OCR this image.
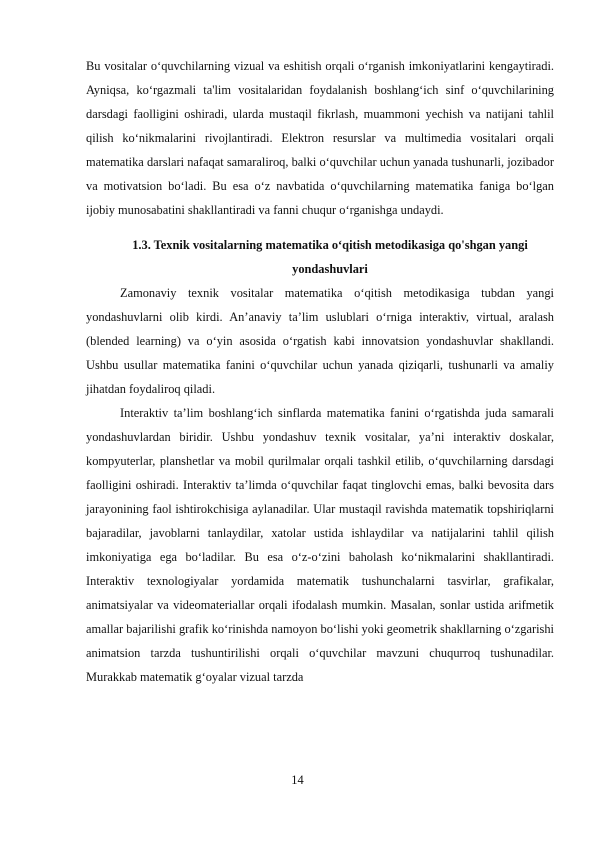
Bu vositalar o‘quvchilarning vizual va eshitish orqali o‘rganish imkoniyatlarini kengaytiradi. Ayniqsa, ko‘rgazmali ta'lim vositalaridan foydalanish boshlang‘ich sinf o‘quvchilarining darsdagi faolligini oshiradi, ularda mustaqil fikrlash, muammoni yechish va natijani tahlil qilish ko‘nikmalarini rivojlantiradi. Elektron resurslar va multimedia vositalari orqali matematika darslari nafaqat samaraliroq, balki o‘quvchilar uchun yanada tushunarli, jozibador va motivatsion bo‘ladi. Bu esa o‘z navbatida o‘quvchilarning matematika faniga bo‘lgan ijobiy munosabatini shakllantiradi va fanni chuqur o‘rganishga undaydi.

1.3. Texnik vositalarning matematika o‘qitish metodikasiga qo'shgan yangi yondashuvlari

Zamonaviy texnik vositalar matematika o‘qitish metodikasiga tubdan yangi yondashuvlarni olib kirdi. An’anaviy ta’lim uslublari o‘rniga interaktiv, virtual, aralash (blended learning) va o‘yin asosida o‘rgatish kabi innovatsion yondashuvlar shakllandi. Ushbu usullar matematika fanini o‘quvchilar uchun yanada qiziqarli, tushunarli va amaliy jihatdan foydaliroq qiladi.

Interaktiv ta’lim boshlang‘ich sinflarda matematika fanini o‘rgatishda juda samarali yondashuvlardan biridir. Ushbu yondashuv texnik vositalar, ya’ni interaktiv doskalar, kompyuterlar, planshetlar va mobil qurilmalar orqali tashkil etilib, o‘quvchilarning darsdagi faolligini oshiradi. Interaktiv ta’limda o‘quvchilar faqat tinglovchi emas, balki bevosita dars jarayonining faol ishtirokchisiga aylanadilar. Ular mustaqil ravishda matematik topshiriqlarni bajaradilar, javoblarni tanlaydilar, xatolar ustida ishlaydilar va natijalarini tahlil qilish imkoniyatiga ega bo‘ladilar. Bu esa o‘z-o‘zini baholash ko‘nikmalarini shakllantiradi. Interaktiv texnologiyalar yordamida matematik tushunchalarni tasvirlar, grafikalar, animatsiyalar va videomateriallar orqali ifodalash mumkin. Masalan, sonlar ustida arifmetik amallar bajarilishi grafik ko‘rinishda namoyon bo‘lishi yoki geometrik shakllarning o‘zgarishi animatsion tarzda tushuntirilishi orqali o‘quvchilar mavzuni chuqurroq tushunadilar. Murakkab matematik g‘oyalar vizual tarzda

14
